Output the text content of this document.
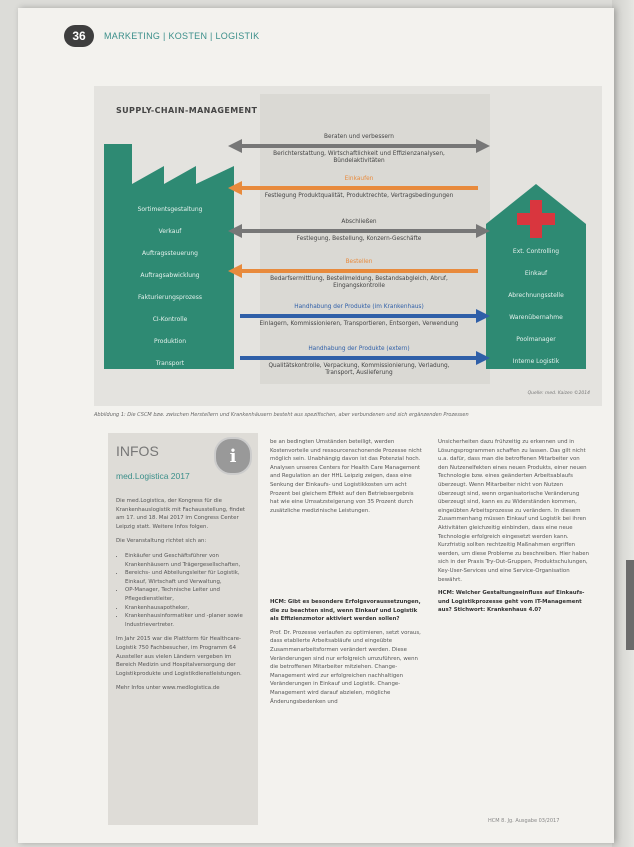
36	MARKETING | KOSTEN | LOGISTIK
SUPPLY-CHAIN-MANAGEMENT
Quelle: med. Kaizen ©2014
Sortimentsgestaltung
Verkauf
Auftragssteuerung
Auftragsabwicklung
Fakturierungsprozess
CI-Kontrolle
Produktion
Transport
Ext. Controlling
Einkauf
Abrechnungsstelle
Warenübernahme
Poolmanager
Interne Logistik
Beraten und verbessern
Berichterstattung, Wirtschaftlichkeit und Effizienzanalysen, Bündelaktivitäten
Einkaufen
Festlegung Produktqualität, Produktrechte, Vertragsbedingungen
Abschließen
Festlegung, Bestellung, Konzern-Geschäfte
Bestellen
Bedarfsermittlung, Bestellmeldung, Bestandsabgleich, Abruf, Eingangskontrolle
Handhabung der Produkte (im Krankenhaus)
Einlagern, Kommissionieren, Transportieren, Entsorgen, Verwendung
Handhabung der Produkte (extern)
Qualitätskontrolle, Verpackung, Kommissionierung, Verladung, Transport, Auslieferung
Abbildung 1: Die CSCM bzw. zwischen Herstellern und Krankenhäusern besteht aus spezifischen, aber verbundenen und sich ergänzenden Prozessen
INFOS	i
med.Logistica 2017

Die med.Logistica, der Kongress für die Krankenhauslogistik mit Fachausstellung, findet am 17. und 18. Mai 2017 im Congress Center Leipzig statt. Weitere Infos folgen.

Die Veranstaltung richtet sich an:

• Einkäufer und Geschäftsführer von Krankenhäusern und Trägergesellschaften,
• Bereichs- und Abteilungsleiter für Logistik, Einkauf, Wirtschaft und Verwaltung,
• OP-Manager, Technische Leiter und Pflegedienstleiter,
• Krankenhausapotheker,
• Krankenhausinformatiker und -planer sowie Industrievertreter.

Im Jahr 2015 war die Plattform für Healthcare-Logistik 750 Fachbesucher, im Programm 64 Aussteller aus vielen Ländern vergeben im Bereich Medizin und Hospitalversorgung der Logistikprodukte und Logistikdienstleistungen.

Mehr Infos unter www.medlogistica.de

be an bedingten Umständen beteiligt, werden Kostenvorteile und ressourcenschonende Prozesse nicht möglich sein. Unabhängig davon ist das Potenzial hoch. Analysen unseres Centers for Health Care Management and Regulation an der HHL Leipzig zeigen, dass eine Senkung der Einkaufs- und Logistikkosten um acht Prozent bei gleichem Effekt auf den Betriebsergebnis hat wie eine Umsatzsteigerung von 35 Prozent durch zusätzliche medizinische Leistungen.

HCM: Gibt es besondere Erfolgsvoraussetzungen, die zu beachten sind, wenn Einkauf und Logistik als Effizienzmotor aktiviert werden sollen?

Prof. Dr. Prozesse verlaufen zu optimieren, setzt voraus, dass etablierte Arbeitsabläufe und eingeübte Zusammenarbeitsformen verändert werden. Diese Veränderungen sind nur erfolgreich umzuführen, wenn die betroffenen Mitarbeiter mitziehen. Change-Management wird zur erfolgreichen nachhaltigen Veränderungen in Einkauf und Logistik. Change-Management wird darauf abzielen, mögliche Änderungsbedenken und

Unsicherheiten dazu frühzeitig zu erkennen und in Lösungsprogrammen schaffen zu lassen. Das gilt nicht u.a. dafür, dass man die betroffenen Mitarbeiter von den Nutzenelfekten eines neuen Produkts, einer neuen Technologie bzw. eines geänderten Arbeitsablaufs überzeugt. Wenn Mitarbeiter nicht von Nutzen überzeugt sind, wenn organisatorische Veränderung überzeugt sind, kann es zu Widerständen kommen, eingeübten Arbeitsprozesse zu verändern. In diesem Zusammenhang müssen Einkauf und Logistik bei ihren Aktivitäten gleichzeitig einbinden, dass eine neue Technologie erfolgreich eingesetzt werden kann. Kurzfristig sollten rechtzeitig Maßnahmen ergriffen werden, um diese Probleme zu beschreiben. Hier haben sich in der Praxis Try-Out-Gruppen, Produktschulungen, Key-User-Services und eine Service-Organisation bewährt.

HCM: Welcher Gestaltungseinfluss auf Einkaufs- und Logistikprozesse geht vom IT-Management aus? Stichwort: Krankenhaus 4.0?

HCM 8. Jg. Ausgabe 03/2017
